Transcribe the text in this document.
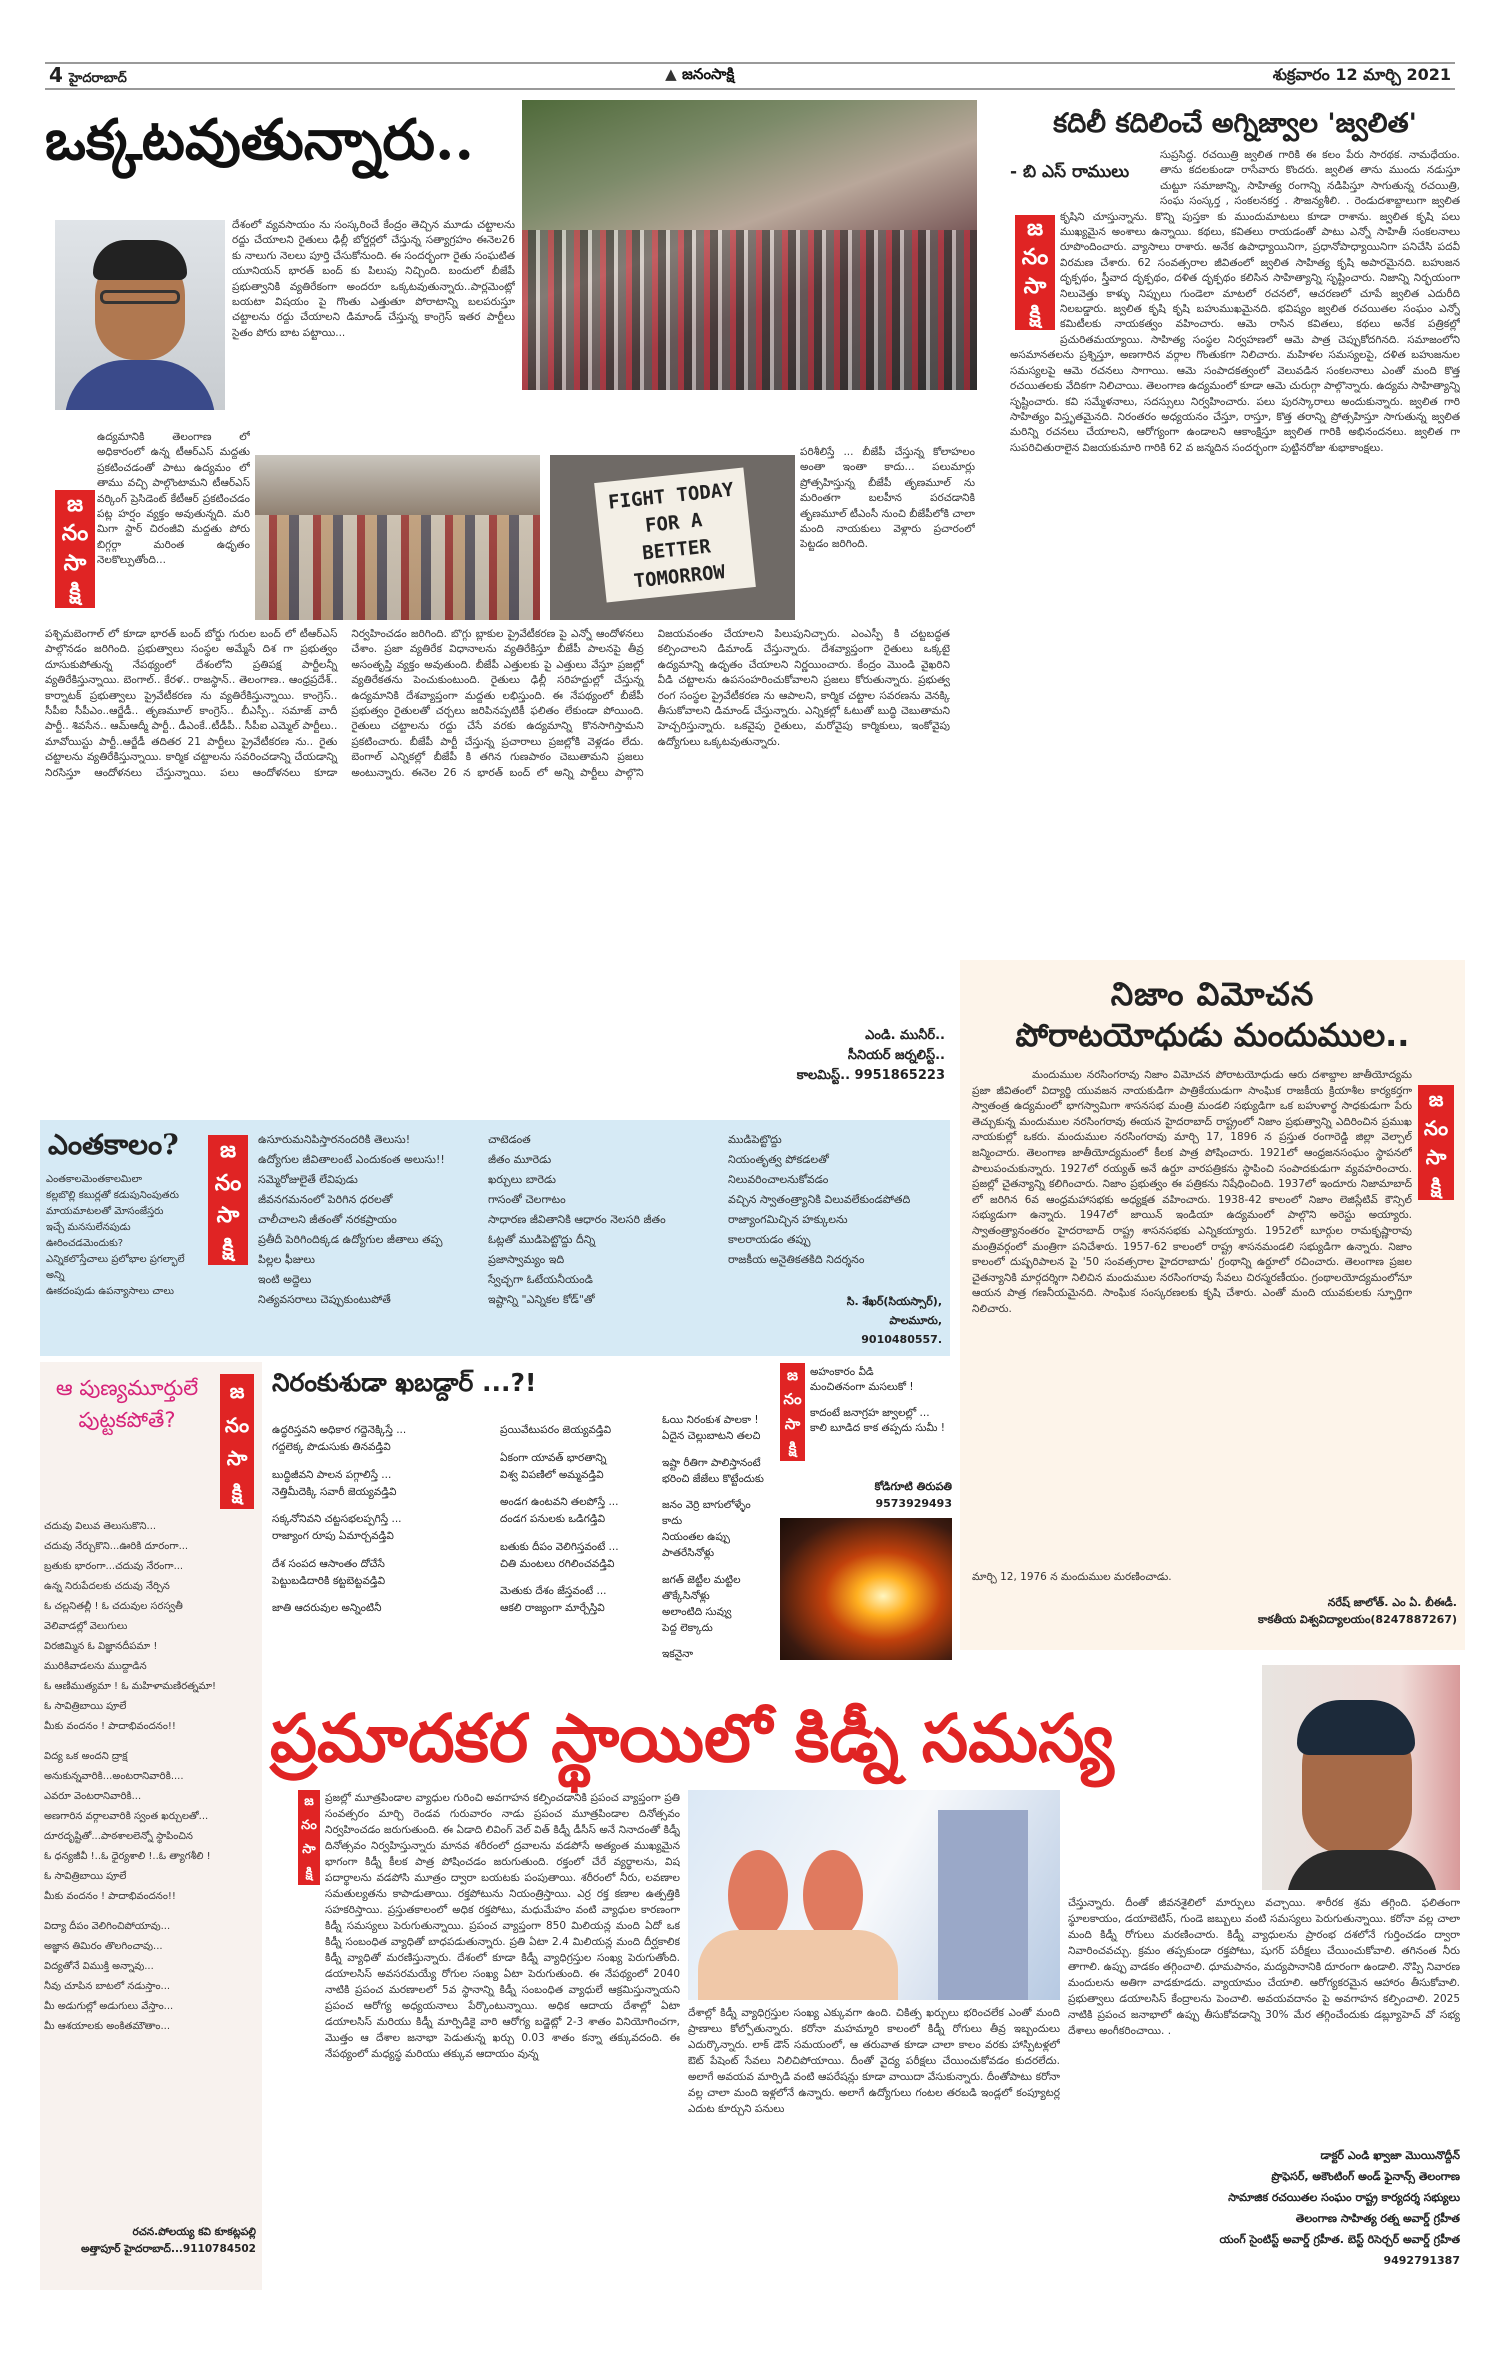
4 హైదరాబాద్	▲ జనంసాక్షి	శుక్రవారం 12 మార్చి 2021
ఒక్కటవుతున్నారు..
దేశంలో వ్యవసాయం ను సంస్కరించే కేంద్రం తెచ్చిన మూడు చట్టాలను రద్దు చేయాలని రైతులు ఢిల్లీ బోర్డర్లలో చేస్తున్న సత్యాగ్రహం ఈనెల26 కు నాలుగు నెలలు పూర్తి చేసుకోనుంది. ఈ సందర్భంగా రైతు సంఘటిత యూనియన్ భారత్ బంద్ కు పిలుపు నిచ్చింది. బందులో బీజేపీ ప్రభుత్వానికి వ్యతిరేకంగా అందరూ ఒక్కటవుతున్నారు..పార్లమెంట్లో బయటా విషయం పై గొంతు ఎత్తుతూ పోరాటాన్ని బలపరుస్తూ చట్టాలను రద్దు చేయాలని డిమాండ్ చేస్తున్న కాంగ్రెస్ ఇతర పార్టీలు సైతం పోరు బాట పట్టాయి...
ఉద్యమానికి తెలంగాణ లో అధికారంలో ఉన్న టీఆర్ఎస్ మద్దతు ప్రకటించడంతో పాటు ఉద్యమం లో తాము వచ్చి పాల్గొంటామని టీఆర్ఎస్ వర్కింగ్ ప్రెసిడెంట్ కేటీఆర్ ప్రకటించడం పట్ల హర్షం వ్యక్తం అవుతున్నది. మరి మిగా స్టార్ చిరంజీవి మద్దతు పోరు బిగ్గర్గా మరింత ఉధృతం నెలకొల్పుతోంది...
జ
నం
సా
క్షి
FIGHT TODAY FOR A BETTER TOMORROW
పరిశీలిస్తే ... బీజేపీ చేస్తున్న కోలాహలం అంతా ఇంతా కాదు... పలుమార్లు ప్రోత్సహిస్తున్న బీజేపీ తృణమూల్ ను మరింతగా బలహీన పరచడానికి తృణమూల్ టీఎంసీ నుంచి బీజేపీలోకి చాలా మంది నాయకులు వెళ్లారు ప్రచారంలో పెట్టడం జరిగింది.
పశ్చిమబెంగాల్ లో కూడా భారత్ బంద్ బోర్డు గురుల బంద్ లో టీఆర్ఎస్ పాల్గొనడం జరిగింది. ప్రభుత్వాలు సంస్థల అమ్మేసే దిశ గా ప్రభుత్వం దూసుకుపోతున్న నేపథ్యంలో దేశంలోని ప్రతిపక్ష పార్టీలన్నీ వ్యతిరేకిస్తున్నాయి. బెంగాల్.. కేరళ.. రాజస్థాన్.. తెలంగాణ.. ఆంధ్రప్రదేశ్.. కార్నాటక్ ప్రభుత్వాలు ప్రైవేటీకరణ ను వ్యతిరేకిస్తున్నాయి. కాంగ్రెస్.. సీపీఐ సీపీఎం..ఆర్జేడీ.. తృణమూల్ కాంగ్రెస్.. బీఎస్పీ.. సమాజ్ వాదీ పార్టీ.. శివసేన.. ఆమ్ఆద్మీ పార్టీ.. డీఎంకే..టీడీపీ.. సీపీఐ ఎమ్మెల్ పార్టీలు.. మావోయిస్టు పార్టీ..ఆర్జేడీ తదితర 21 పార్టీలు ప్రైవేటీకరణ ను.. రైతు చట్టాలను వ్యతిరేకిస్తున్నాయి. కార్మిక చట్టాలను సవరించడాన్ని చేయడాన్ని నిరసిస్తూ ఆందోళనలు చేస్తున్నాయి. పలు ఆందోళనలు కూడా నిర్వహించడం జరిగింది. బొగ్గు బ్లాకుల ప్రైవేటీకరణ పై ఎన్నో ఆందోళనలు చేశాం. ప్రజా వ్యతిరేక విధానాలను వ్యతిరేకిస్తూ బీజేపీ పాలనపై తీవ్ర అసంతృప్తి వ్యక్తం అవుతుంది. బీజేపీ ఎత్తులకు పై ఎత్తులు వేస్తూ ప్రజల్లో వ్యతిరేకతను పెంచుకుంటుంది. రైతులు ఢిల్లీ సరిహద్దుల్లో చేస్తున్న ఉద్యమానికి దేశవ్యాప్తంగా మద్దతు లభిస్తుంది. ఈ నేపథ్యంలో బీజేపీ ప్రభుత్వం రైతులతో చర్చలు జరిపినప్పటికీ ఫలితం లేకుండా పోయింది. రైతులు చట్టాలను రద్దు చేసే వరకు ఉద్యమాన్ని కొనసాగిస్తామని ప్రకటించారు. బీజేపీ పార్టీ చేస్తున్న ప్రచారాలు ప్రజల్లోకి వెళ్లడం లేదు. బెంగాల్ ఎన్నికల్లో బీజేపీ కి తగిన గుణపాఠం చెబుతామని ప్రజలు అంటున్నారు. ఈనెల 26 న భారత్ బంద్ లో అన్ని పార్టీలు పాల్గొని విజయవంతం చేయాలని పిలుపునిచ్చారు. ఎంఎస్పీ కి చట్టబద్ధత కల్పించాలని డిమాండ్ చేస్తున్నారు. దేశవ్యాప్తంగా రైతులు ఒక్కటై ఉద్యమాన్ని ఉధృతం చేయాలని నిర్ణయించారు. కేంద్రం మొండి వైఖరిని వీడి చట్టాలను ఉపసంహరించుకోవాలని ప్రజలు కోరుతున్నారు. ప్రభుత్వ రంగ సంస్థల ప్రైవేటీకరణ ను ఆపాలని, కార్మిక చట్టాల సవరణను వెనక్కి తీసుకోవాలని డిమాండ్ చేస్తున్నారు. ఎన్నికల్లో ఓటుతో బుద్ధి చెబుతామని హెచ్చరిస్తున్నారు. ఒకవైపు రైతులు, మరోవైపు కార్మికులు, ఇంకోవైపు ఉద్యోగులు ఒక్కటవుతున్నారు.
ఎండి. మునీర్..
సీనియర్ జర్నలిస్ట్..
కాలమిస్ట్.. 9951865223
కదిలీ కదిలించే అగ్నిజ్వాల 'జ్వలిత'
- బి ఎస్ రాములు
జ
నం
సా
క్షి
సుప్రసిద్ధ. రచయిత్రి జ్వలిత గారికి ఈ కలం పేరు సారథక. నామధేయం. తాను కదలకుండా రాసేవారు కొందరు. జ్వలిత తాను ముందు నడుస్తూ చుట్టూ సమాజాన్ని, సాహిత్య రంగాన్ని నడిపిస్తూ సాగుతున్న రచయిత్రి, సంఘ సంస్కర్త , సంకలనకర్త . సౌజన్యశీలి. . రెండుదశాబ్దాలుగా జ్వలిత కృషిని చూస్తున్నాను. కొన్ని పుస్తకా కు ముందుమాటలు కూడా రాశాను. జ్వలిత కృషి పలు ముఖ్యమైన అంశాలు ఉన్నాయి. కథలు, కవితలు రాయడంతో పాటు ఎన్నో సాహితీ సంకలనాలు రూపొందించారు. వ్యాసాలు రాశారు. అనేక ఉపాధ్యాయినిగా, ప్రధానోపాధ్యాయినిగా పనిచేసి పదవీ విరమణ చేశారు. 62 సంవత్సరాల జీవితంలో జ్వలిత సాహిత్య కృషి అపారమైనది. బహుజన దృక్పథం, స్త్రీవాద దృక్పథం, దళిత దృక్పథం కలిసిన సాహిత్యాన్ని సృష్టించారు. నిజాన్ని నిర్భయంగా నిలువెత్తు కాళ్ళు నిప్పులు గుండెలా మాటలో రచనలో, ఆచరణలో చూపే జ్వలిత ఎదురీది నిలబడ్డారు. జ్వలిత కృషి కృషి బహుముఖమైనది. భవిష్యం జ్వలిత రచయితల సంఘం ఎన్నో కమిటీలకు నాయకత్వం వహించారు. ఆమె రాసిన కవితలు, కథలు అనేక పత్రికల్లో ప్రచురితమయ్యాయి. సాహిత్య సంస్థల నిర్వహణలో ఆమె పాత్ర చెప్పుకోదగినది. సమాజంలోని అసమానతలను ప్రశ్నిస్తూ, అణగారిన వర్గాల గొంతుకగా నిలిచారు. మహిళల సమస్యలపై, దళిత బహుజనుల సమస్యలపై ఆమె రచనలు సాగాయి. ఆమె సంపాదకత్వంలో వెలువడిన సంకలనాలు ఎంతో మంది కొత్త రచయితలకు వేదికగా నిలిచాయి. తెలంగాణ ఉద్యమంలో కూడా ఆమె చురుగ్గా పాల్గొన్నారు. ఉద్యమ సాహిత్యాన్ని సృష్టించారు. కవి సమ్మేళనాలు, సదస్సులు నిర్వహించారు. పలు పురస్కారాలు అందుకున్నారు. జ్వలిత గారి సాహిత్యం విస్తృతమైనది. నిరంతరం అధ్యయనం చేస్తూ, రాస్తూ, కొత్త తరాన్ని ప్రోత్సహిస్తూ సాగుతున్న జ్వలిత మరిన్ని రచనలు చేయాలని, ఆరోగ్యంగా ఉండాలని ఆకాంక్షిస్తూ జ్వలిత గారికి అభినందనలు. జ్వలిత గా సుపరిచితురాలైన విజయకుమారి గారికి 62 వ జన్మదిన సందర్భంగా పుట్టినరోజు శుభాకాంక్షలు.
నిజాం విమోచన
పోరాటయోధుడు మందుముల..
మందుముల నరసింగరావు నిజాం విమోచన పోరాటయోధుడు ఆరు దశాబ్దాల జాతీయోద్యమ ప్రజా జీవితంలో విద్యార్థి యువజన నాయకుడిగా పాత్రికేయుడుగా సాంఘిక రాజకీయ క్రియాశీల కార్యకర్తగా స్వాతంత్ర ఉద్యమంలో భాగస్వామిగా శాసనసభ మంత్రి మండలి సభ్యుడిగా ఒక బహుళార్థ సాధకుడుగా పేరు తెచ్చుకున్న మందుముల నరసింగరావు ఈయన హైదరాబాద్ రాష్ట్రంలో నిజాం ప్రభుత్వాన్ని ఎదిరించిన ప్రముఖ నాయకుల్లో ఒకరు. మందుముల నరసింగరావు మార్చి 17, 1896 న ప్రస్తుత రంగారెడ్డి జిల్లా వెల్చాల్ జన్మించారు. తెలంగాణ జాతీయోద్యమంలో కీలక పాత్ర పోషించారు. 1921లో ఆంధ్రజనసంఘం స్థాపనలో పాలుపంచుకున్నారు. 1927లో రయ్యత్ అనే ఉర్దూ వారపత్రికను స్థాపించి సంపాదకుడుగా వ్యవహరించారు. ప్రజల్లో చైతన్యాన్ని కలిగించారు. నిజాం ప్రభుత్వం ఈ పత్రికను నిషేధించింది. 1937లో ఇందూరు నిజామాబాద్ లో జరిగిన 6వ ఆంధ్రమహాసభకు అధ్యక్షత వహించారు. 1938-42 కాలంలో నిజాం లెజిస్లేటివ్ కౌన్సిల్ సభ్యుడుగా ఉన్నారు. 1947లో జాయిన్ ఇండియా ఉద్యమంలో పాల్గొని అరెస్టు అయ్యారు. స్వాతంత్ర్యానంతరం హైదరాబాద్ రాష్ట్ర శాసనసభకు ఎన్నికయ్యారు. 1952లో బూర్గుల రామకృష్ణారావు మంత్రివర్గంలో మంత్రిగా పనిచేశారు. 1957-62 కాలంలో రాష్ట్ర శాసనమండలి సభ్యుడిగా ఉన్నారు. నిజాం కాలంలో దుష్పరిపాలన పై '50 సంవత్సరాల హైదరాబాదు' గ్రంథాన్ని ఉర్దూలో రచించారు. తెలంగాణ ప్రజల చైతన్యానికి మార్గదర్శిగా నిలిచిన మందుముల నరసింగరావు సేవలు చిరస్మరణీయం. గ్రంథాలయోద్యమంలోనూ ఆయన పాత్ర గణనీయమైనది. సాంఘిక సంస్కరణలకు కృషి చేశారు. ఎంతో మంది యువకులకు స్ఫూర్తిగా నిలిచారు.
జ
నం
సా
క్షి
మార్చి 12, 1976 న మందుముల మరణించాడు.
నరేష్ జాలోత్. ఎం ఏ. బీఈడీ.
కాకతీయ విశ్వవిద్యాలయం(8247887267)
ఎంతకాలం?
ఎంతకాలమెంతకాలమిలా
కల్లబొల్లి కబుర్లతో కడుపునింపుతరు
మాయమాటలతో మోసంజేస్తరు
ఇచ్చే మనసులేనపుడు
ఊరించడమెందుకు?
ఎన్నికలొస్తేచాలు ప్రలోభాల ప్రగల్భాలే అన్ని
ఊకదంపుడు ఉపన్యాసాలు చాలు
జ
నం
సా
క్షి
ఉసూరుమనిపిస్తారనందరికి తెలుసు!
ఉద్యోగుల జీవితాలంటే ఎందుకంత అలుసు!!
సమ్మెరోజులైతే లేవిపుడు
జీవనగమనంలో పెరిగిన ధరలతో
చాలీచాలని జీతంతో నరకప్రాయం
ప్రతీదీ పెరిగిందిక్కడ ఉద్యోగుల జీతాలు తప్ప
పిల్లల ఫీజులు
ఇంటి అద్దెలు
నిత్యవసరాలు చెప్పుకుంటుపోతే
చాటెడంత
జీతం మూరెడు
ఖర్చులు బారెడు
గాసంతో చెలగాటం
సాధారణ జీవితానికి ఆధారం నెలసరి జీతం
ఓట్లతో ముడిపెట్టొద్దు దీన్ని
ప్రజాస్వామ్యం ఇది
స్వేచ్ఛగా ఓటేయనీయండి
ఇష్టాన్ని "ఎన్నికల కోడ్"తో
ముడిపెట్టొద్దు
నియంతృత్వ పోకడలతో
నిలువరించాలనుకోవడం
వచ్చిన స్వాతంత్ర్యానికి విలువలేకుండపోతది
రాజ్యాంగమిచ్చిన హక్కులను
కాలరాయడం తప్పు
రాజకీయ అనైతికతకిది నిదర్శనం
సి. శేఖర్(సియస్సార్),
పాలమూరు,
9010480557.
ఆ పుణ్యమూర్తులే
పుట్టకపోతే?
జ
నం
సా
క్షి
చదువు విలువ తెలుసుకొని...
చదువు నేర్చుకొని...ఊరికి దూరంగా...
బ్రతుకు భారంగా...చదువు నేరంగా...
ఉన్న నిరుపేదలకు చదువు నేర్పిన
ఓ చల్లనితల్లీ ! ఓ చదువుల సరస్వతీ
వెలివాడల్లో వెలుగులు
విరజిమ్మిన ఓ విజ్ఞానదీపమా !
మురికివాడలను ముద్దాడిన
ఓ ఆణిముత్యమా ! ఓ మహిళామణిరత్నమా!
ఓ సావిత్రిబాయి పూలే
మీకు వందనం ! పాదాభివందనం!!
విద్య ఒక అందని ద్రాక్ష
అనుకున్నవారికి...అంటరానివారికి....
ఎవరూ వెంటరానివారికి...
అణగారిన వర్గాలవారికి స్వంత ఖర్చులతో...
దూరదృష్టితో...పాఠశాలలెన్నో స్థాపించిన
ఓ ధన్యజీవీ !..ఓ ధైర్యశాలి !..ఓ త్యాగశీలి !
ఓ సావిత్రిబాయి పూలే
మీకు వందనం ! పాదాభివందనం!!
విద్యా దీపం వెలిగించిపోయావు...
అజ్ఞాన తిమిరం తొలగించావు...
విద్యతోనే విముక్తి అన్నావు...
నీవు చూపిన బాటలో నడుస్తాం...
మీ అడుగుల్లో అడుగులు వేస్తాం...
మీ ఆశయాలకు అంకితమౌతాం...
రచన.పోలయ్య కవి కూకట్లపల్లి
అత్తాపూర్ హైదరాబాద్...9110784502
నిరంకుశుడా ఖబడ్దార్ ...?!
ఉద్ధరిస్తవని అధికార గద్దెనెక్కిస్తే ...
గద్దలెక్క పొడుసుకు తినవడ్తివి
బుద్ధిజీవని పాలన పగ్గాలిస్తే ...
నెత్తిమీదెక్కి సవారీ జెయ్యవడ్తివి
సక్కనోనివని చట్టసభలప్పగిస్తే ...
రాజ్యాంగ రూపు ఏమార్చవడ్తివి
దేశ సంపద ఆసాంతం దోచేసే
పెట్టుబడిదారికి కట్టబెట్టవడ్తివి
జాతి ఆదరువుల అన్నింటినీ
ప్రయివేటుపరం జెయ్యవడ్తివి
ఏకంగా యావత్ భారతాన్ని
విశ్వ విపణిలో అమ్మవడ్తివి
అండగ ఉంటవని తలపోస్తే ...
దండగ పనులకు ఒడిగడ్తివి
బతుకు దీపం వెలిగిస్తవంటే ...
చితి మంటలు రగిలించవడ్తివి
మెతుకు దేశం జేస్తవంటే ...
ఆకలి రాజ్యంగా మార్చేస్తివి
ఓయి నిరంకుశ పాలకా !
ఏదైన చెల్లుబాటని తలచి
ఇష్టా రీతిగా పాలిస్తానంటే
భరించి జేజేలు కొట్టేందుకు
జనం వెర్రి బాగులోళ్ళేం కాదు
నియంతల ఉప్పు
పాతరేసినోళ్లు
జగత్ జెట్టీల మట్టిల
తొక్కేసినోళ్లు
అలాంటిది సువ్వు
పెద్ద లెక్కాదు
ఇకనైనా
జ
నం
సా
క్షి
అహంకారం వీడి
మంచితనంగా మసలుకో !
కాదంటే జనాగ్రహ జ్వాలల్లో ...
కాలి బూడిద కాక తప్పదు సుమీ !
కోడిగూటి తిరుపతి
9573929493
ప్రమాదకర స్థాయిలో కిడ్నీ సమస్య
జ
నం
సా
క్షి
ప్రజల్లో మూత్రపిండాల వ్యాధుల గురించి అవగాహన కల్పించడానికి ప్రపంచ వ్యాప్తంగా ప్రతి సంవత్సరం మార్చి రెండవ గురువారం నాడు ప్రపంచ మూత్రపిండాల దినోత్సవం నిర్వహించడం జరుగుతుంది. ఈ ఏడాది లివింగ్ వెల్ విత్ కిడ్నీ డీసీస్ అనే నినాదంతో కిడ్నీ దినోత్సవం నిర్వహిస్తున్నారు మానవ శరీరంలో ద్రవాలను వడపోసే అత్యంత ముఖ్యమైన భాగంగా కిడ్నీ కీలక పాత్ర పోషించడం జరుగుతుంది. రక్తంలో చేరే వ్యర్థాలను, విష పదార్థాలను వడపోసి మూత్రం ద్వారా బయటకు పంపుతాయి. శరీరంలో నీరు, లవణాల సమతుల్యతను కాపాడుతాయి. రక్తపోటును నియంత్రిస్తాయి. ఎర్ర రక్త కణాల ఉత్పత్తికి సహకరిస్తాయి. ప్రస్తుతకాలంలో అధిక రక్తపోటు, మధుమేహం వంటి వ్యాధుల కారణంగా కిడ్నీ సమస్యలు పెరుగుతున్నాయి. ప్రపంచ వ్యాప్తంగా 850 మిలియన్ల మంది ఏదో ఒక కిడ్నీ సంబంధిత వ్యాధితో బాధపడుతున్నారు. ప్రతి ఏటా 2.4 మిలియన్ల మంది దీర్ఘకాలిక కిడ్నీ వ్యాధితో మరణిస్తున్నారు. దేశంలో కూడా కిడ్నీ వ్యాధిగ్రస్తుల సంఖ్య పెరుగుతోంది. డయాలసిస్ అవసరమయ్యే రోగుల సంఖ్య ఏటా పెరుగుతుంది. ఈ నేపథ్యంలో 2040 నాటికి ప్రపంచ మరణాలలో 5వ స్థానాన్ని కిడ్నీ సంబంధిత వ్యాధులే ఆక్రమిస్తున్నాయని ప్రపంచ ఆరోగ్య అధ్యయనాలు పేర్కొంటున్నాయి. అధిక ఆదాయ దేశాల్లో ఏటా డయాలసిస్ మరియు కిడ్నీ మార్పిడికై వారి ఆరోగ్య బడ్జెట్లో 2-3 శాతం వినియోగించగా, మొత్తం ఆ దేశాల జనాభా పెడుతున్న ఖర్చు 0.03 శాతం కన్నా తక్కువదంది. ఈ నేపథ్యంలో మధ్యస్థ మరియు తక్కువ ఆదాయం వున్న
దేశాల్లో కిడ్నీ వ్యాధిగ్రస్తుల సంఖ్య ఎక్కువగా ఉంది. చికిత్స ఖర్చులు భరించలేక ఎంతో మంది ప్రాణాలు కోల్పోతున్నారు. కరోనా మహమ్మారి కాలంలో కిడ్నీ రోగులు తీవ్ర ఇబ్బందులు ఎదుర్కొన్నారు. లాక్ డౌన్ సమయంలో, ఆ తరువాత కూడా చాలా కాలం వరకు హాస్పిటళ్లలో ఔట్ పేషెంట్ సేవలు నిలిచిపోయాయి. దీంతో వైద్య పరీక్షలు చేయించుకోవడం కుదరలేదు. అలాగే అవయవ మార్పిడి వంటి ఆపరేషన్లు కూడా వాయిదా వేసుకున్నారు. దీంతోపాటు కరోనా వల్ల చాలా మంది ఇళ్లలోనే ఉన్నారు. అలాగే ఉద్యోగులు గంటల తరబడి ఇండ్లలో కంప్యూటర్ల ఎదుట కూర్చుని పనులు
చేస్తున్నారు. దీంతో జీవనశైలిలో మార్పులు వచ్చాయి. శారీరక శ్రమ తగ్గింది. ఫలితంగా స్థూలకాయం, డయాబెటిస్, గుండె జబ్బులు వంటి సమస్యలు పెరుగుతున్నాయి. కరోనా వల్ల చాలా మంది కిడ్నీ రోగులు మరణించారు. కిడ్నీ వ్యాధులను ప్రారంభ దశలోనే గుర్తించడం ద్వారా నివారించవచ్చు. క్రమం తప్పకుండా రక్తపోటు, షుగర్ పరీక్షలు చేయించుకోవాలి. తగినంత నీరు తాగాలి. ఉప్పు వాడకం తగ్గించాలి. ధూమపానం, మద్యపానానికి దూరంగా ఉండాలి. నొప్పి నివారణ మందులను అతిగా వాడకూడదు. వ్యాయామం చేయాలి. ఆరోగ్యకరమైన ఆహారం తీసుకోవాలి. ప్రభుత్వాలు డయాలసిస్ కేంద్రాలను పెంచాలి. అవయవదానం పై అవగాహన కల్పించాలి. 2025 నాటికి ప్రపంచ జనాభాలో ఉప్పు తీసుకోవడాన్ని 30% మేర తగ్గించేందుకు డబ్ల్యూహెచ్ వో సభ్య దేశాలు అంగీకరించాయి. .
డాక్టర్ ఎండి ఖ్వాజా మొయినొద్దీన్
ప్రొఫెసర్, అకౌంటింగ్ అండ్ ఫైనాన్స్ తెలంగాణ
సామాజిక రచయితల సంఘం రాష్ట్ర కార్యదర్శ సభ్యులు
తెలంగాణ సాహిత్య రత్న అవార్డ్ గ్రహీత
యంగ్ సైంటిస్ట్ అవార్డ్ గ్రహీత. బెస్ట్ రిసెర్చర్ అవార్డ్ గ్రహీత
9492791387
